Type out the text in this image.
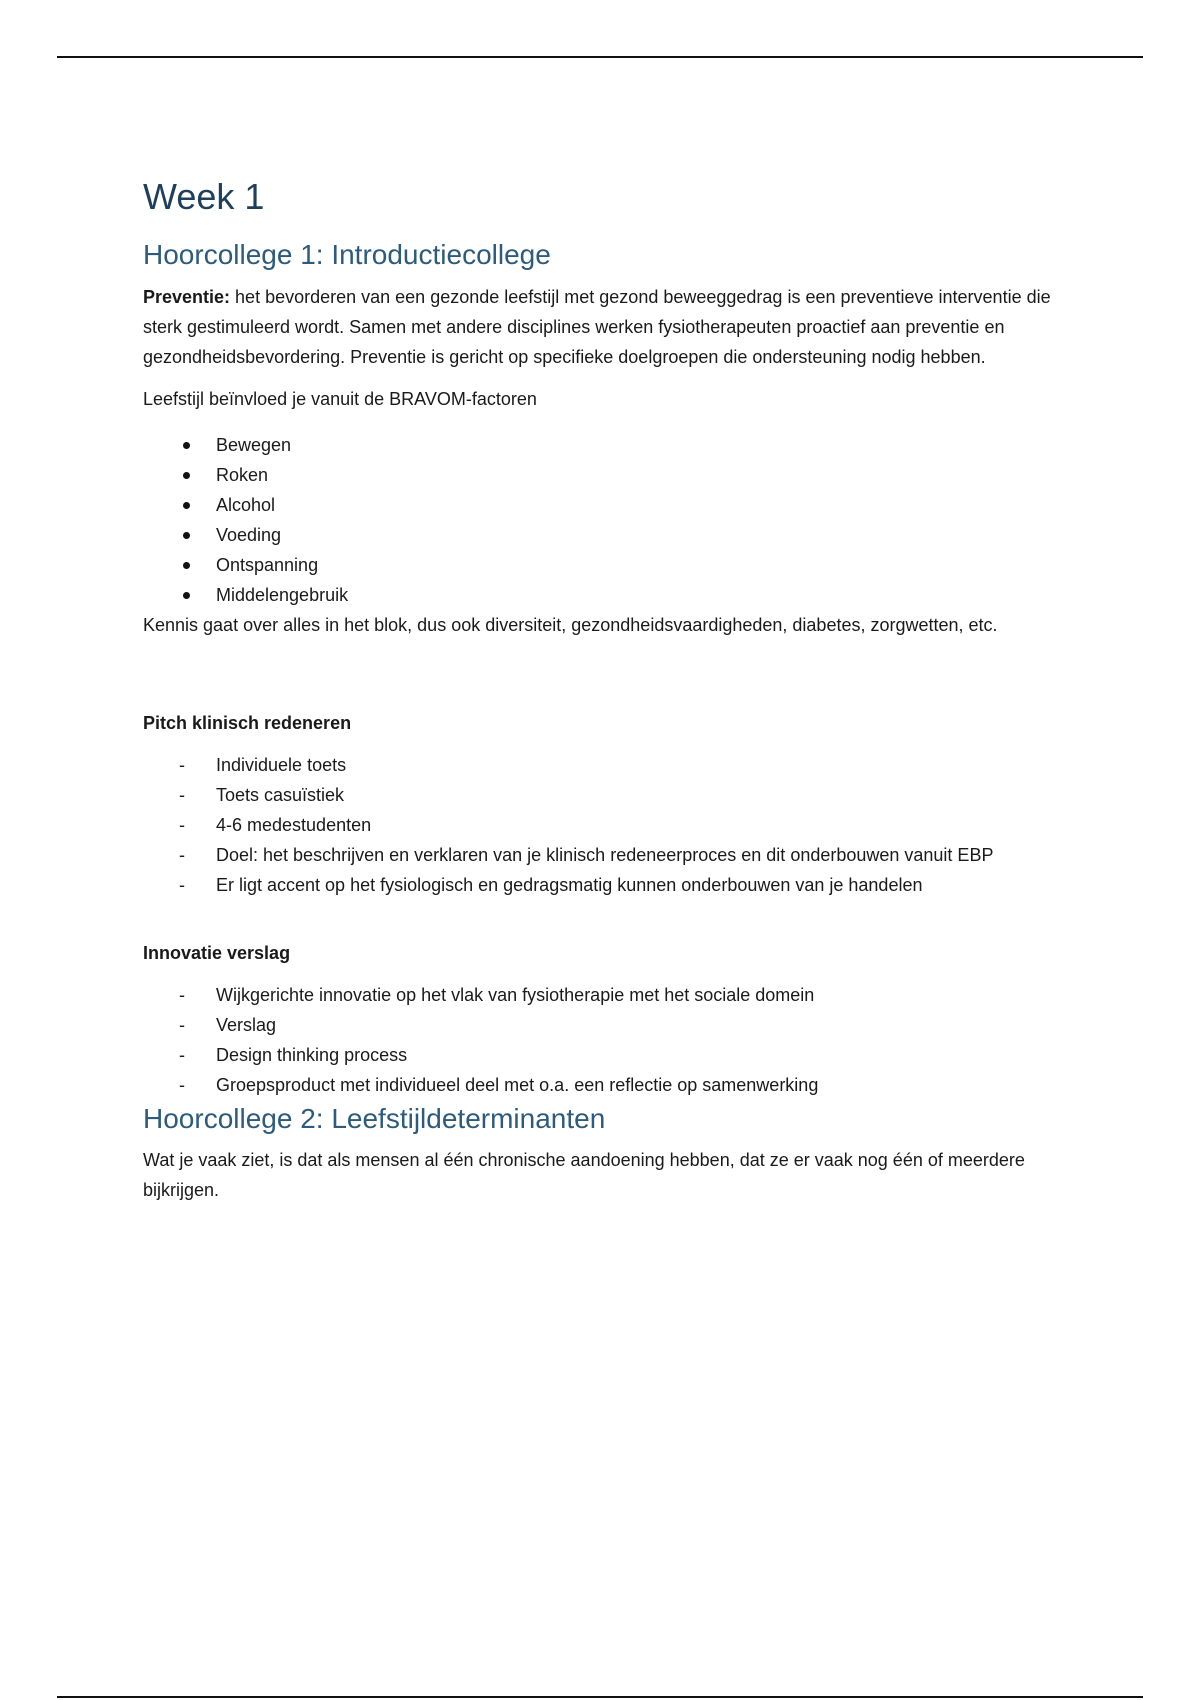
Week 1
Hoorcollege 1: Introductiecollege

Preventie: het bevorderen van een gezonde leefstijl met gezond beweeggedrag is een preventieve interventie die sterk gestimuleerd wordt. Samen met andere disciplines werken fysiotherapeuten proactief aan preventie en gezondheidsbevordering. Preventie is gericht op specifieke doelgroepen die ondersteuning nodig hebben.

Leefstijl beïnvloed je vanuit de BRAVOM-factoren

Bewegen
Roken
Alcohol
Voeding
Ontspanning
Middelengebruik

Kennis gaat over alles in het blok, dus ook diversiteit, gezondheidsvaardigheden, diabetes, zorgwetten, etc.

Pitch klinisch redeneren
- Individuele toets
- Toets casuïstiek
- 4-6 medestudenten
- Doel: het beschrijven en verklaren van je klinisch redeneerproces en dit onderbouwen vanuit EBP
- Er ligt accent op het fysiologisch en gedragsmatig kunnen onderbouwen van je handelen
Innovatie verslag
- Wijkgerichte innovatie op het vlak van fysiotherapie met het sociale domein
- Verslag
- Design thinking process
- Groepsproduct met individueel deel met o.a. een reflectie op samenwerking
Hoorcollege 2: Leefstijldeterminanten

Wat je vaak ziet, is dat als mensen al één chronische aandoening hebben, dat ze er vaak nog één of meerdere bijkrijgen.
